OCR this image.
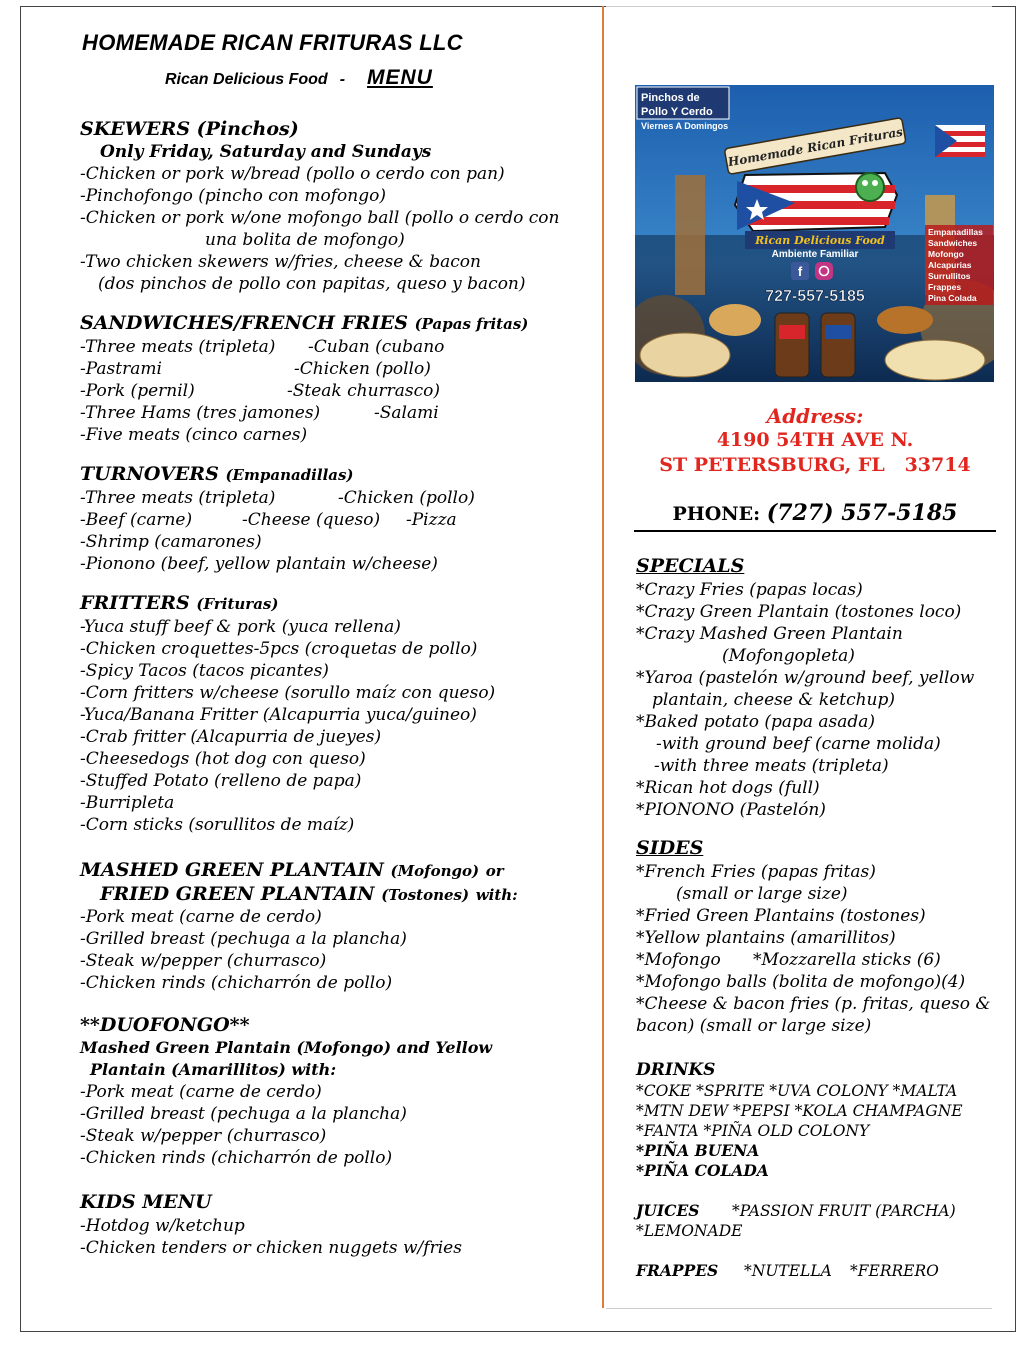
HOMEMADE RICAN FRITURAS LLC
Rican Delicious Food - MENU
SKEWERS (Pinchos)
Only Friday, Saturday and Sundays
-Chicken or pork w/bread (pollo o cerdo con pan)
-Pinchofongo (pincho con mofongo)
-Chicken or pork w/one mofongo ball (pollo o cerdo con
una bolita de mofongo)
-Two chicken skewers w/fries, cheese & bacon
(dos pinchos de pollo con papitas, queso y bacon)
SANDWICHES/FRENCH FRIES (Papas fritas)
-Three meats (tripleta) -Cuban (cubano
-Pastrami	-Chicken (pollo)
-Pork (pernil)	-Steak churrasco)
-Three Hams (tres jamones)	-Salami
-Five meats (cinco carnes)
TURNOVERS (Empanadillas)
-Three meats (tripleta)	-Chicken (pollo)
-Beef (carne)	-Cheese (queso) -Pizza
-Shrimp (camarones)
-Piononо (beef, yellow plantain w/cheese)
FRITTERS (Frituras)
-Yuca stuff beef & pork (yuca rellena)
-Chicken croquettes-5pcs (croquetas de pollo)
-Spicy Tacos (tacos picantes)
-Corn fritters w/cheese (sorullo maíz con queso)
-Yuca/Banana Fritter (Alcapurria yuca/guineo)
-Crab fritter (Alcapurria de jueyes)
-Cheesedogs (hot dog con queso)
-Stuffed Potato (relleno de papa)
-Burripleta
-Corn sticks (sorullitos de maíz)
MASHED GREEN PLANTAIN (Mofongo) or
FRIED GREEN PLANTAIN (Tostones) with:
-Pork meat (carne de cerdo)
-Grilled breast (pechuga a la plancha)
-Steak w/pepper (churrasco)
-Chicken rinds (chicharrón de pollo)
**DUOFONGO**
Mashed Green Plantain (Mofongo) and Yellow
Plantain (Amarillitos) with:
-Pork meat (carne de cerdo)
-Grilled breast (pechuga a la plancha)
-Steak w/pepper (churrasco)
-Chicken rinds (chicharrón de pollo)
KIDS MENU
-Hotdog w/ketchup
-Chicken tenders or chicken nuggets w/fries
Pinchos de
Pollo Y Cerdo
Viernes A Domingos
Homemade Rican Frituras
Rican Delicious Food
Ambiente Familiar
f
727-557-5185
Empanadillas
Sandwiches
Mofongo
Alcapurias
Surrullitos
Frappes
Pina Colada
Address:
4190 54TH AVE N.
ST PETERSBURG, FL 33714
PHONE: (727) 557-5185
SPECIALS
*Crazy Fries (papas locas)
*Crazy Green Plantain (tostones loco)
*Crazy Mashed Green Plantain
(Mofongopleta)
*Yaroa (pastelón w/ground beef, yellow
plantain, cheese & ketchup)
*Baked potato (papa asada)
-with ground beef (carne molida)
-with three meats (tripleta)
*Rican hot dogs (full)
*PIONONO (Pastelón)
SIDES
*French Fries (papas fritas)
(small or large size)
*Fried Green Plantains (tostones)
*Yellow plantains (amarillitos)
*Mofongo *Mozzarella sticks (6)
*Mofongo balls (bolita de mofongo)(4)
*Cheese & bacon fries (p. fritas, queso &
bacon) (small or large size)
DRINKS
*COKE *SPRITE *UVA COLONY *MALTA
*MTN DEW *PEPSI *KOLA CHAMPAGNE
*FANTA *PIÑA OLD COLONY
*PIÑA BUENA
*PIÑA COLADA
JUICES *PASSION FRUIT (PARCHA)
*LEMONADE
FRAPPES *NUTELLA *FERRERO
